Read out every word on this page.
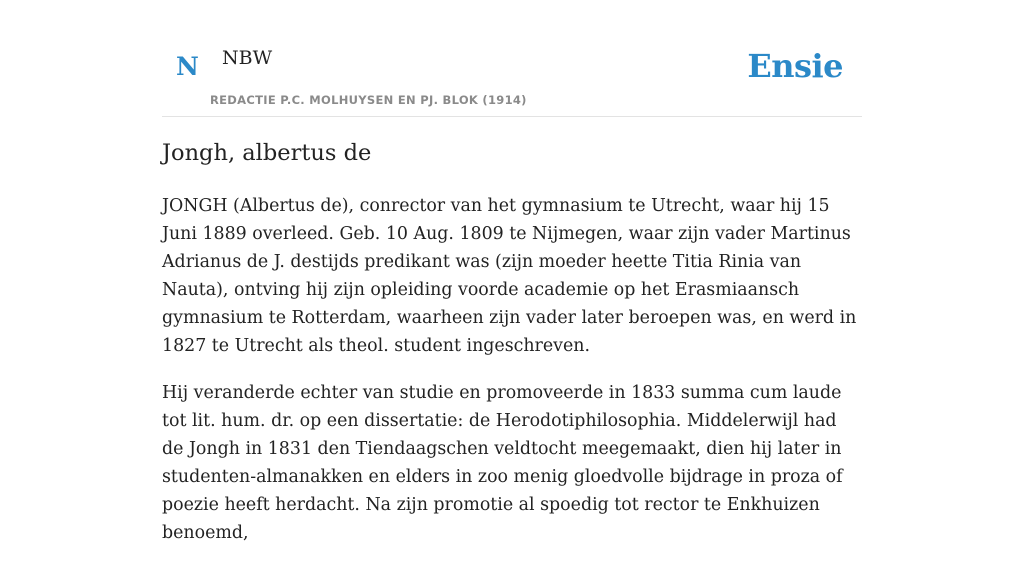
N NBW
REDACTIE P.C. MOLHUYSEN EN PJ. BLOK (1914)
Ensie
Jongh, albertus de

JONGH (Albertus de), conrector van het gymnasium te Utrecht, waar hij 15 Juni 1889 overleed. Geb. 10 Aug. 1809 te Nijmegen, waar zijn vader Martinus Adrianus de J. destijds predikant was (zijn moeder heette Titia Rinia van Nauta), ontving hij zijn opleiding voorde academie op het Erasmiaansch gymnasium te Rotterdam, waarheen zijn vader later beroepen was, en werd in 1827 te Utrecht als theol. student ingeschreven.

Hij veranderde echter van studie en promoveerde in 1833 summa cum laude tot lit. hum. dr. op een dissertatie: de Herodotiphilosophia. Middelerwijl had de Jongh in 1831 den Tiendaagschen veldtocht meegemaakt, dien hij later in studenten-almanakken en elders in zoo menig gloedvolle bijdrage in proza of poezie heeft herdacht. Na zijn promotie al spoedig tot rector te Enkhuizen benoemd,
